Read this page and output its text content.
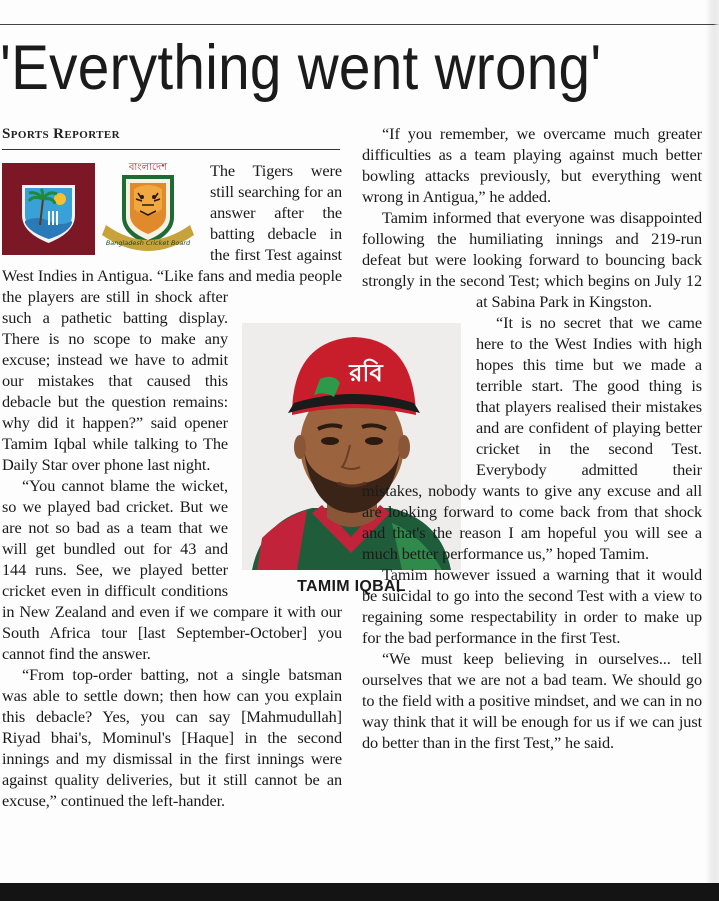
'Everything went wrong'
Sports Reporter
বাংলাদেশ
Bangladesh Cricket Board
রবি
TAMIM IQBAL

The Tigers were still searching for an answer after the batting debacle in the first Test against West Indies in Antigua. “Like fans and media people the players are still in shock after such a pathetic batting display. There is no scope to make any excuse; instead we have to admit our mistakes that caused this debacle but the question remains: why did it happen?” said opener Tamim Iqbal while talking to The Daily Star over phone last night.

“You cannot blame the wicket, so we played bad cricket. But we are not so bad as a team that we will get bundled out for 43 and 144 runs. See, we played better cricket even in difficult conditions in New Zealand and even if we compare it with our South Africa tour [last September-October] you cannot find the answer.

“From top-order batting, not a single batsman was able to settle down; then how can you explain this debacle? Yes, you can say [Mahmudullah] Riyad bhai's, Mominul's [Haque] in the second innings and my dismissal in the first innings were against quality deliveries, but it still cannot be an excuse,” continued the left-hander.

“If you remember, we overcame much greater difficulties as a team playing against much better bowling attacks previously, but everything went wrong in Antigua,” he added.

Tamim informed that everyone was disappointed following the humiliating innings and 219-run defeat but were looking forward to bouncing back strongly in the second Test; which begins on July 12 at Sabina Park in Kingston.

“It is no secret that we came here to the West Indies with high hopes this time but we made a terrible start. The good thing is that players realised their mistakes and are confident of playing better cricket in the second Test. Everybody admitted their mistakes, nobody wants to give any excuse and all are looking forward to come back from that shock and that's the reason I am hopeful you will see a much better performance us,” hoped Tamim.

Tamim however issued a warning that it would be suicidal to go into the second Test with a view to regaining some respectability in order to make up for the bad performance in the first Test.

“We must keep believing in ourselves... tell ourselves that we are not a bad team. We should go to the field with a positive mindset, and we can in no way think that it will be enough for us if we can just do better than in the first Test,” he said.
